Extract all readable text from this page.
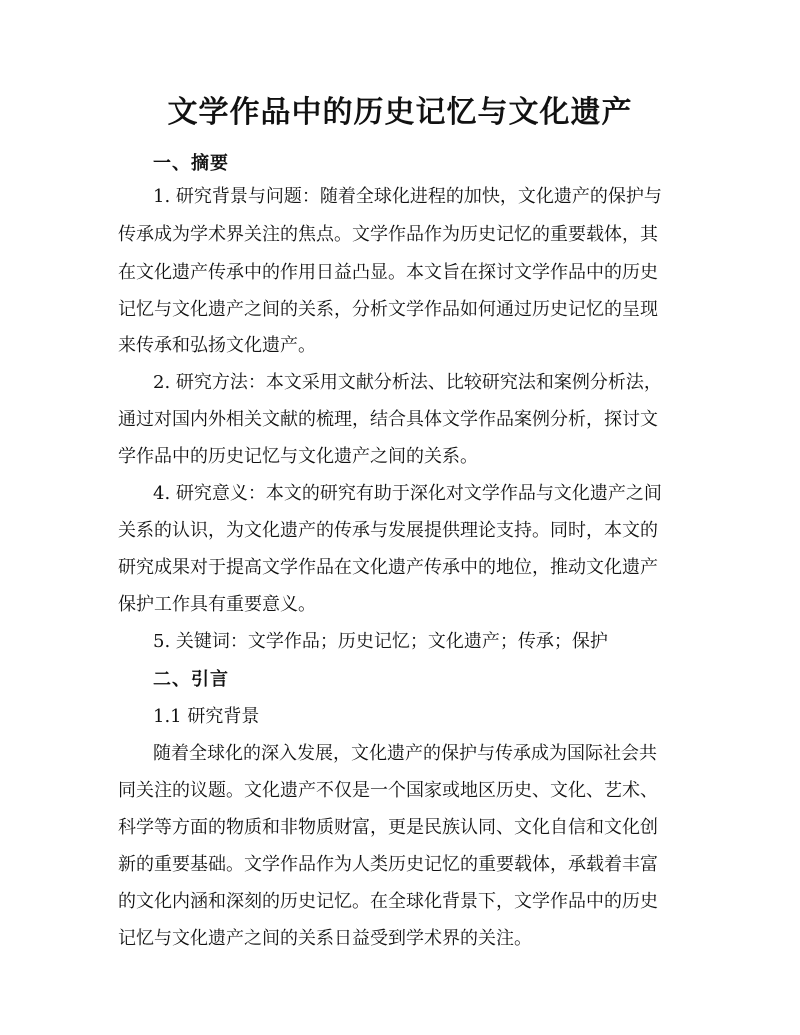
文学作品中的历史记忆与文化遗产
一、摘要
1. 研究背景与问题：随着全球化进程的加快，文化遗产的保护与
传承成为学术界关注的焦点。文学作品作为历史记忆的重要载体，其
在文化遗产传承中的作用日益凸显。本文旨在探讨文学作品中的历史
记忆与文化遗产之间的关系，分析文学作品如何通过历史记忆的呈现
来传承和弘扬文化遗产。
2. 研究方法：本文采用文献分析法、比较研究法和案例分析法，
通过对国内外相关文献的梳理，结合具体文学作品案例分析，探讨文
学作品中的历史记忆与文化遗产之间的关系。
4. 研究意义：本文的研究有助于深化对文学作品与文化遗产之间
关系的认识，为文化遗产的传承与发展提供理论支持。同时，本文的
研究成果对于提高文学作品在文化遗产传承中的地位，推动文化遗产
保护工作具有重要意义。
5. 关键词：文学作品；历史记忆；文化遗产；传承；保护
二、引言
1.1 研究背景
随着全球化的深入发展，文化遗产的保护与传承成为国际社会共
同关注的议题。文化遗产不仅是一个国家或地区历史、文化、艺术、
科学等方面的物质和非物质财富，更是民族认同、文化自信和文化创
新的重要基础。文学作品作为人类历史记忆的重要载体，承载着丰富
的文化内涵和深刻的历史记忆。在全球化背景下，文学作品中的历史
记忆与文化遗产之间的关系日益受到学术界的关注。
